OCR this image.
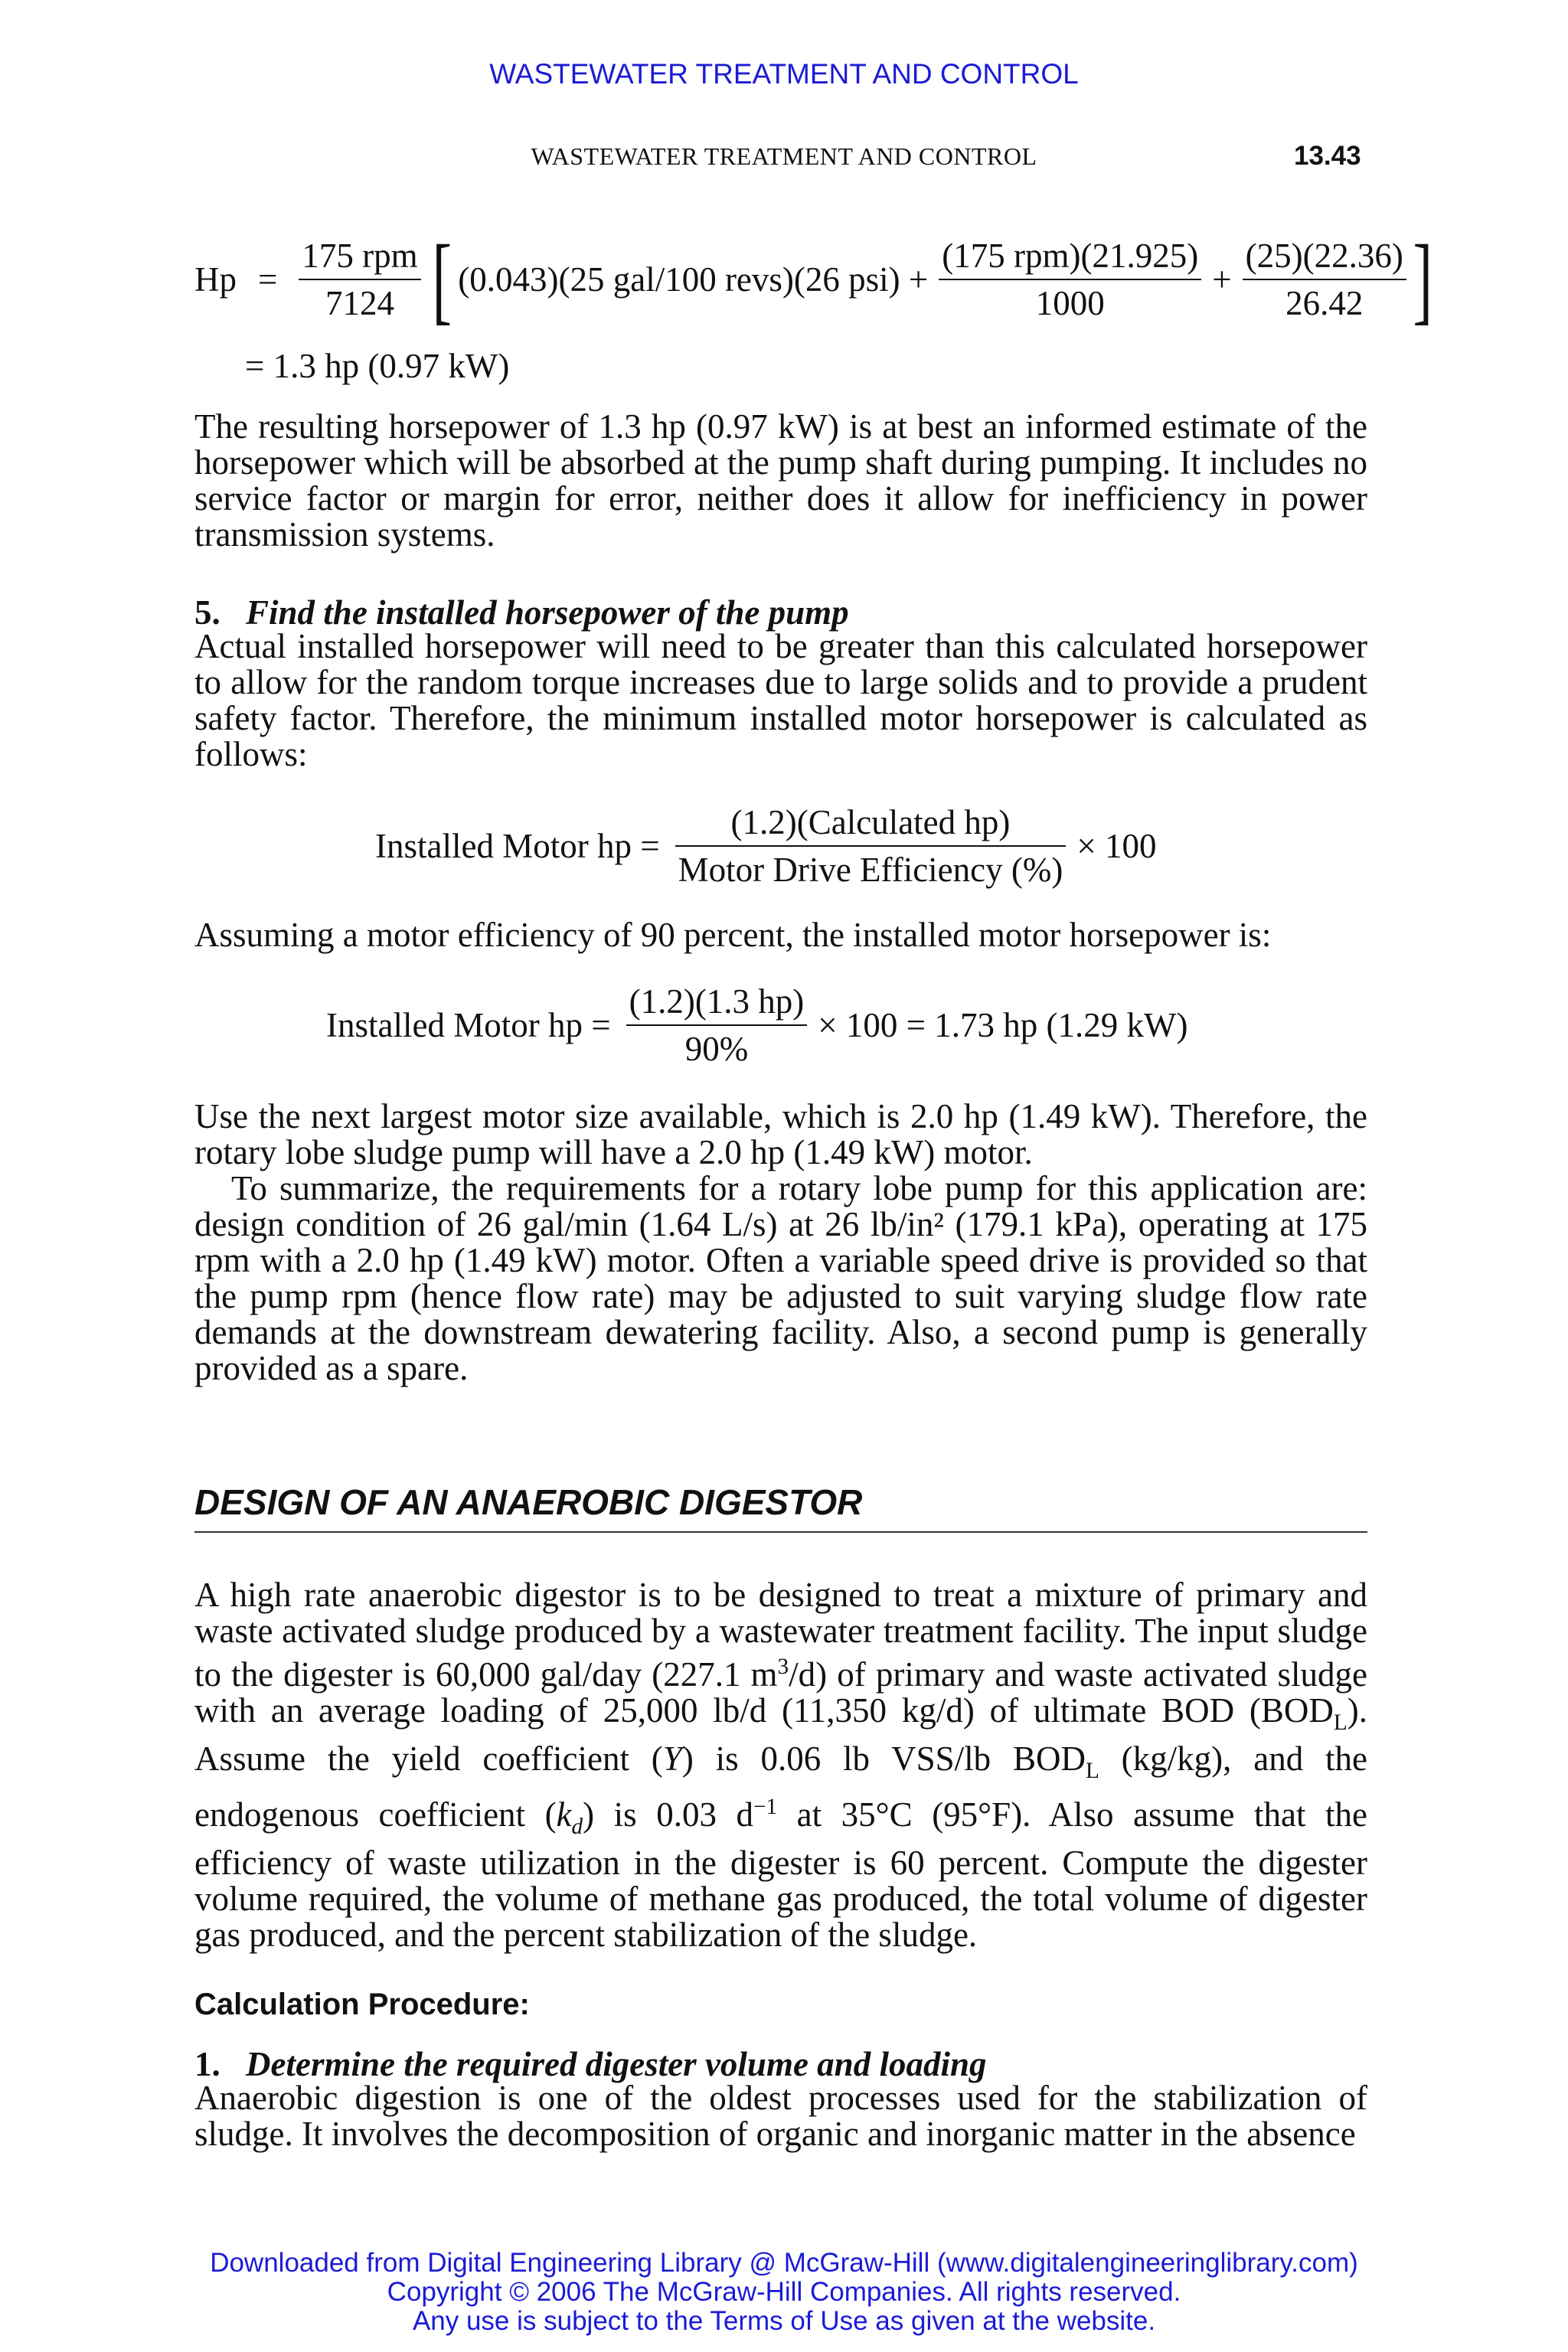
WASTEWATER TREATMENT AND CONTROL
WASTEWATER TREATMENT AND CONTROL	13.43
$Hp = \frac{\text{175 rpm}}{7124}$ [ (0.043)(25 gal/100 revs)(26 $psi) + \frac{\text{(175 rpm)(21.925)}}{1000} + \frac{(25)(22.36)}{26.42}$ ]
= 1.3 hp (0.97 kW)
The resulting horsepower of 1.3 hp (0.97 kW) is at best an informed estimate of the horsepower which will be absorbed at the pump shaft during pumping. It includes no service factor or margin for error, neither does it allow for inefficiency in power transmission systems.
5. Find the installed horsepower of the pump
Actual installed horsepower will need to be greater than this calculated horsepower to allow for the random torque increases due to large solids and to provide a prudent safety factor. Therefore, the minimum installed motor horsepower is calculated as follows:
Installed Motor hp = $\frac{\text{(1.2)(Calculated hp)}}{\text{Motor Drive Efficiency (\%)}} \times 100$
Assuming a motor efficiency of 90 percent, the installed motor horsepower is:
Installed Motor hp = $\frac{(1.2)(1.3 hp)}{90\%} \times 100 = 1.73$ hp (1.29 kW)
Use the next largest motor size available, which is 2.0 hp (1.49 kW). Therefore, the rotary lobe sludge pump will have a 2.0 hp (1.49 kW) motor.
To summarize, the requirements for a rotary lobe pump for this application are: design condition of 26 gal/min (1.64 L/s) at 26 lb/in² (179.1 kPa), operating at 175 rpm with a 2.0 hp (1.49 kW) motor. Often a variable speed drive is provided so that the pump rpm (hence flow rate) may be adjusted to suit varying sludge flow rate demands at the downstream dewatering facility. Also, a second pump is generally provided as a spare.
DESIGN OF AN ANAEROBIC DIGESTOR
A high rate anaerobic digestor is to be designed to treat a mixture of primary and waste activated sludge produced by a wastewater treatment facility. The input sludge to the digester is 60,000 gal/day (227.1 $m^3/d$) of primary and waste activated sludge with an average loading of 25,000 lb/d (11,350 kg/d) of ultimate BOD $(BOD_L)$. Assume the yield coefficient (Y) is 0.06 lb VSS/lb $BOD_L$ (kg/kg), and the endogenous coefficient $(k_d)$ is 0.03 $d^{-1}$ at 35°C (95°F). Also assume that the efficiency of waste utilization in the digester is 60 percent. Compute the digester volume required, the volume of methane gas produced, the total volume of digester gas produced, and the percent stabilization of the sludge.
Calculation Procedure:
1. Determine the required digester volume and loading
Anaerobic digestion is one of the oldest processes used for the stabilization of sludge. It involves the decomposition of organic and inorganic matter in the absence
Downloaded from Digital Engineering Library @ McGraw-Hill (www.digitalengineeringlibrary.com)
Copyright © 2006 The McGraw-Hill Companies. All rights reserved.
Any use is subject to the Terms of Use as given at the website.
